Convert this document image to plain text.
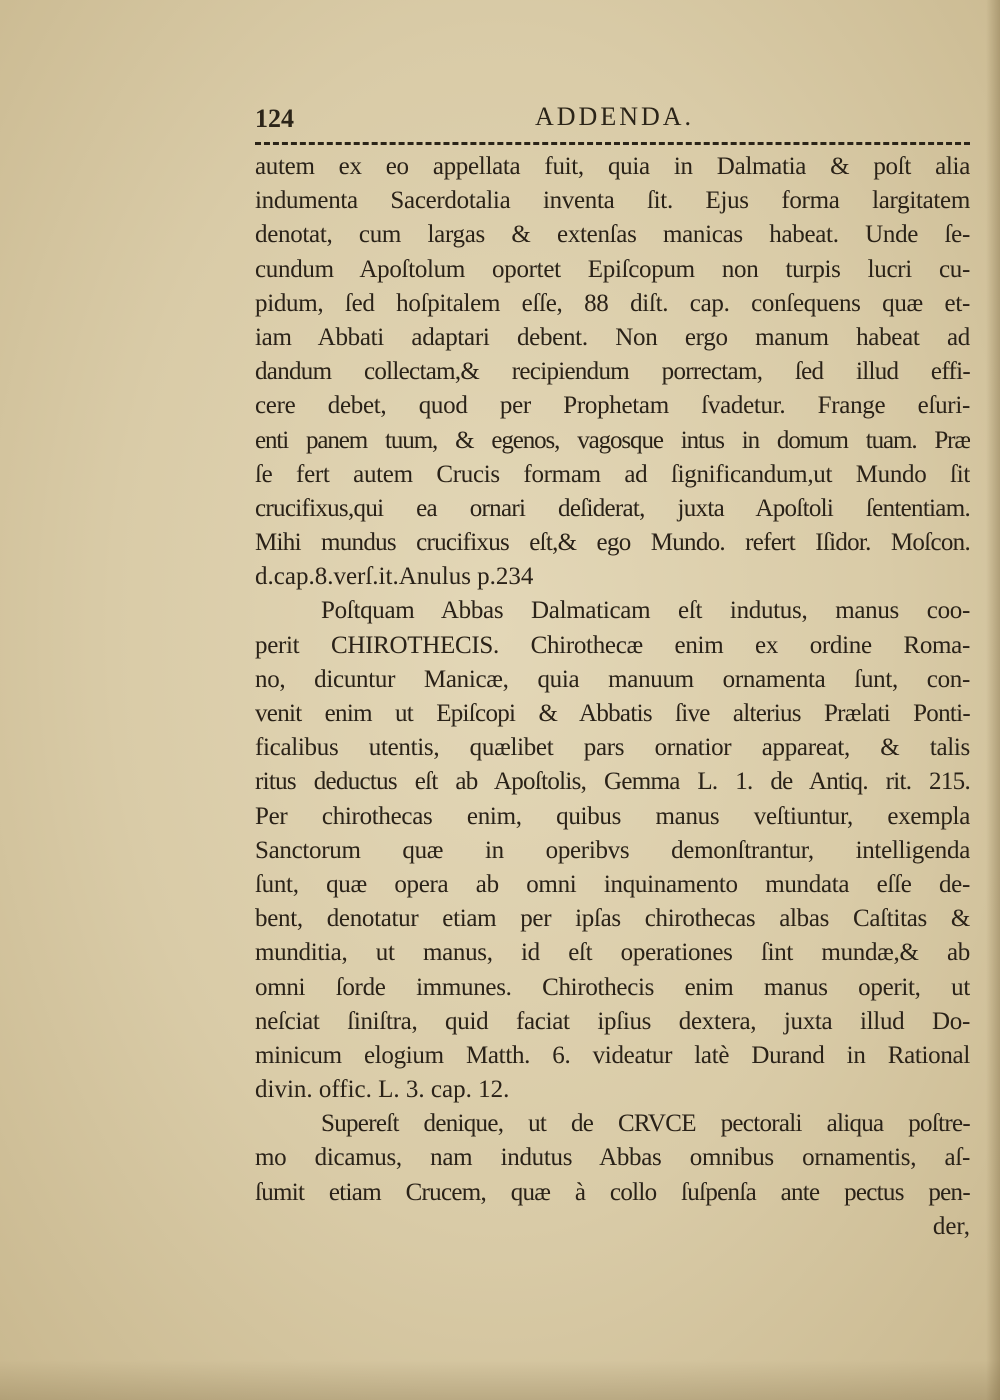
124	ADDENDA.
autem ex eo appellata fuit, quia in Dalmatia & poſt alia
indumenta Sacerdotalia inventa ſit. Ejus forma largitatem
denotat, cum largas & extenſas manicas habeat. Unde ſe-
cundum Apoſtolum oportet Epiſcopum non turpis lucri cu-
pidum, ſed hoſpitalem eſſe, 88 diſt. cap. conſequens quæ et-
iam Abbati adaptari debent. Non ergo manum habeat ad
dandum collectam,& recipiendum porrectam, ſed illud effi-
cere debet, quod per Prophetam ſvadetur. Frange eſuri-
enti panem tuum, & egenos, vagosque intus in domum tuam. Præ
ſe fert autem Crucis formam ad ſignificandum,ut Mundo ſit
crucifixus,qui ea ornari deſiderat, juxta Apoſtoli ſententiam.
Mihi mundus crucifixus eſt,& ego Mundo. refert Iſidor. Moſcon.
d.cap.8.verſ.it.Anulus p.234
Poſtquam Abbas Dalmaticam eſt indutus, manus coo-
perit CHIROTHECIS. Chirothecæ enim ex ordine Roma-
no, dicuntur Manicæ, quia manuum ornamenta ſunt, con-
venit enim ut Epiſcopi & Abbatis ſive alterius Prælati Ponti-
ficalibus utentis, quælibet pars ornatior appareat, & talis
ritus deductus eſt ab Apoſtolis, Gemma L. 1. de Antiq. rit. 215.
Per chirothecas enim, quibus manus veſtiuntur, exempla
Sanctorum quæ in operibvs demonſtrantur, intelligenda
ſunt, quæ opera ab omni inquinamento mundata eſſe de-
bent, denotatur etiam per ipſas chirothecas albas Caſtitas &
munditia, ut manus, id eſt operationes ſint mundæ,& ab
omni ſorde immunes. Chirothecis enim manus operit, ut
neſciat ſiniſtra, quid faciat ipſius dextera, juxta illud Do-
minicum elogium Matth. 6. videatur latè Durand in Rational
divin. offic. L. 3. cap. 12.
Supereſt denique, ut de CRVCE pectorali aliqua poſtre-
mo dicamus, nam indutus Abbas omnibus ornamentis, aſ-
ſumit etiam Crucem, quæ à collo ſuſpenſa ante pectus pen-
der,
